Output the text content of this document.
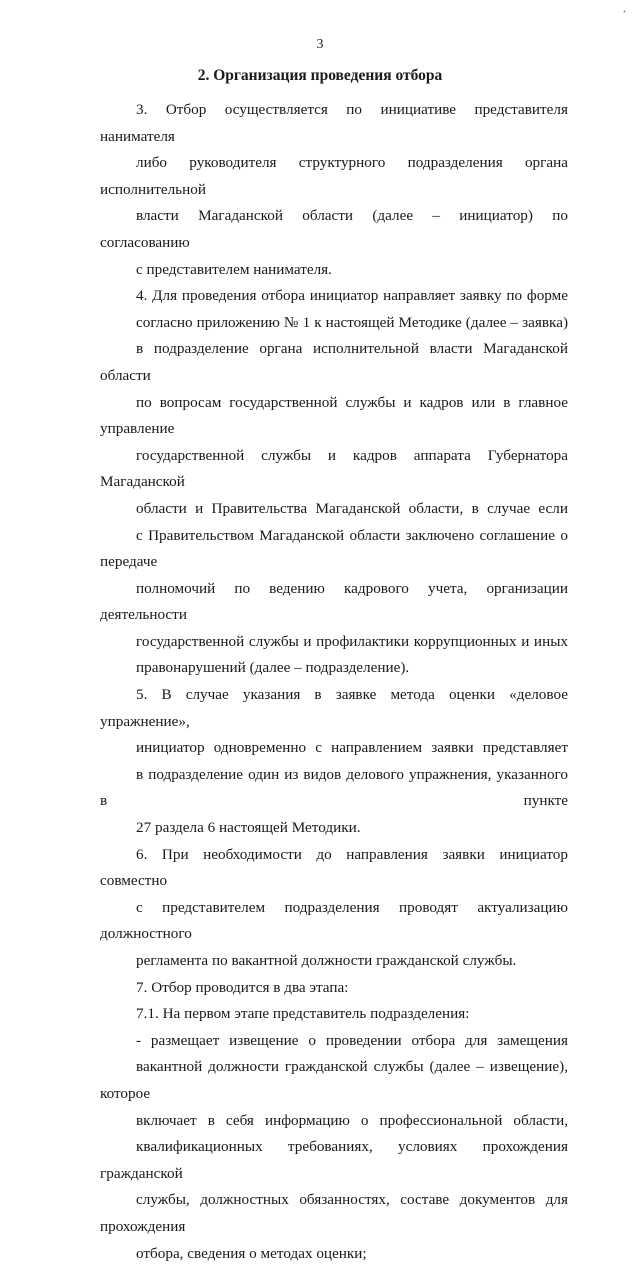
¸
3
2. Организация проведения отбора

3. Отбор осуществляется по инициативе представителя нанимателя
либо руководителя структурного подразделения органа исполнительной
власти Магаданской области (далее – инициатор) по согласованию
с представителем нанимателя.

4. Для проведения отбора инициатор направляет заявку по форме
согласно приложению № 1 к настоящей Методике (далее – заявка)
в подразделение органа исполнительной власти Магаданской области
по вопросам государственной службы и кадров или в главное управление
государственной службы и кадров аппарата Губернатора Магаданской
области и Правительства Магаданской области, в случае если
с Правительством Магаданской области заключено соглашение о передаче
полномочий по ведению кадрового учета, организации деятельности
государственной службы и профилактики коррупционных и иных
правонарушений (далее – подразделение).

5. В случае указания в заявке метода оценки «деловое упражнение»,
инициатор одновременно с направлением заявки представляет
в подразделение один из видов делового упражнения, указанного в пункте
27 раздела 6 настоящей Методики.

6. При необходимости до направления заявки инициатор совместно
с представителем подразделения проводят актуализацию должностного
регламента по вакантной должности гражданской службы.

7. Отбор проводится в два этапа:

7.1. На первом этапе представитель подразделения:

- размещает извещение о проведении отбора для замещения
вакантной должности гражданской службы (далее – извещение), которое
включает в себя информацию о профессиональной области,
квалификационных требованиях, условиях прохождения гражданской
службы, должностных обязанностях, составе документов для прохождения
отбора, сведения о методах оценки;
